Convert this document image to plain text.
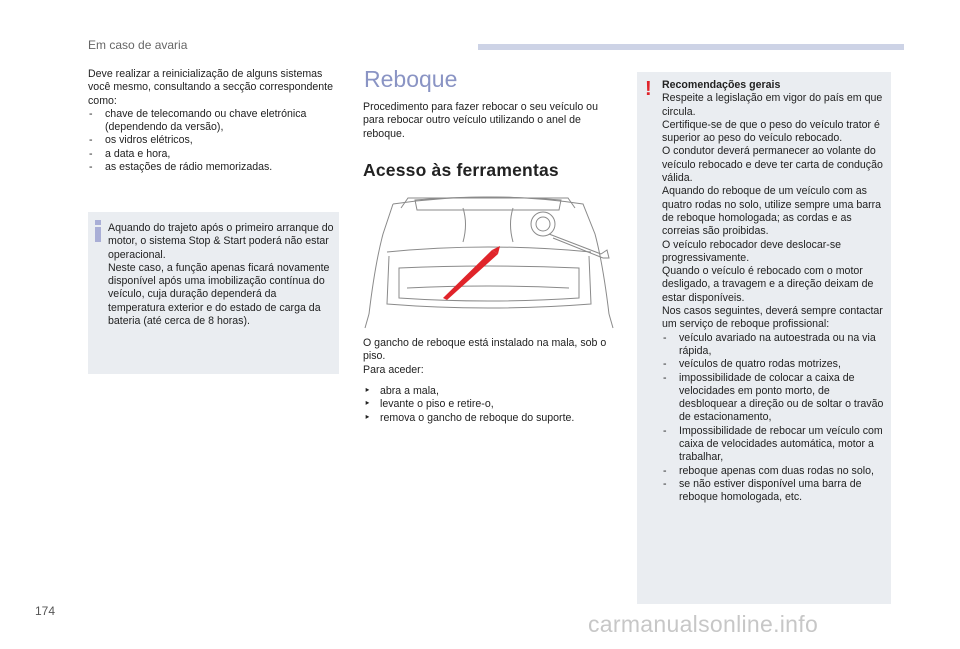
Em caso de avaria

Deve realizar a reinicialização de alguns sistemas você mesmo, consultando a secção correspondente como:

- chave de telecomando ou chave eletrónica (dependendo da versão),
- os vidros elétricos,
- a data e hora,
- as estações de rádio memorizadas.
Aquando do trajeto após o primeiro arranque do motor, o sistema Stop & Start poderá não estar operacional.
Neste caso, a função apenas ficará novamente disponível após uma imobilização contínua do veículo, cuja duração dependerá da temperatura exterior e do estado de carga da bateria (até cerca de 8 horas).
Reboque

Procedimento para fazer rebocar o seu veículo ou para rebocar outro veículo utilizando o anel de reboque.

Acesso às ferramentas

O gancho de reboque está instalado na mala, sob o piso.
Para aceder:

‣ abra a mala,
‣ levante o piso e retire-o,
‣ remova o gancho de reboque do suporte.
! Recomendações gerais

Respeite a legislação em vigor do país em que circula.
Certifique-se de que o peso do veículo trator é superior ao peso do veículo rebocado.
O condutor deverá permanecer ao volante do veículo rebocado e deve ter carta de condução válida.
Aquando do reboque de um veículo com as quatro rodas no solo, utilize sempre uma barra de reboque homologada; as cordas e as correias são proibidas.
O veículo rebocador deve deslocar-se progressivamente.
Quando o veículo é rebocado com o motor desligado, a travagem e a direção deixam de estar disponíveis.
Nos casos seguintes, deverá sempre contactar um serviço de reboque profissional:

- veículo avariado na autoestrada ou na via rápida,
- veículos de quatro rodas motrizes,
- impossibilidade de colocar a caixa de velocidades em ponto morto, de desbloquear a direção ou de soltar o travão de estacionamento,
- Impossibilidade de rebocar um veículo com caixa de velocidades automática, motor a trabalhar,
- reboque apenas com duas rodas no solo,
- se não estiver disponível uma barra de reboque homologada, etc.
174	carmanualsonline.info
